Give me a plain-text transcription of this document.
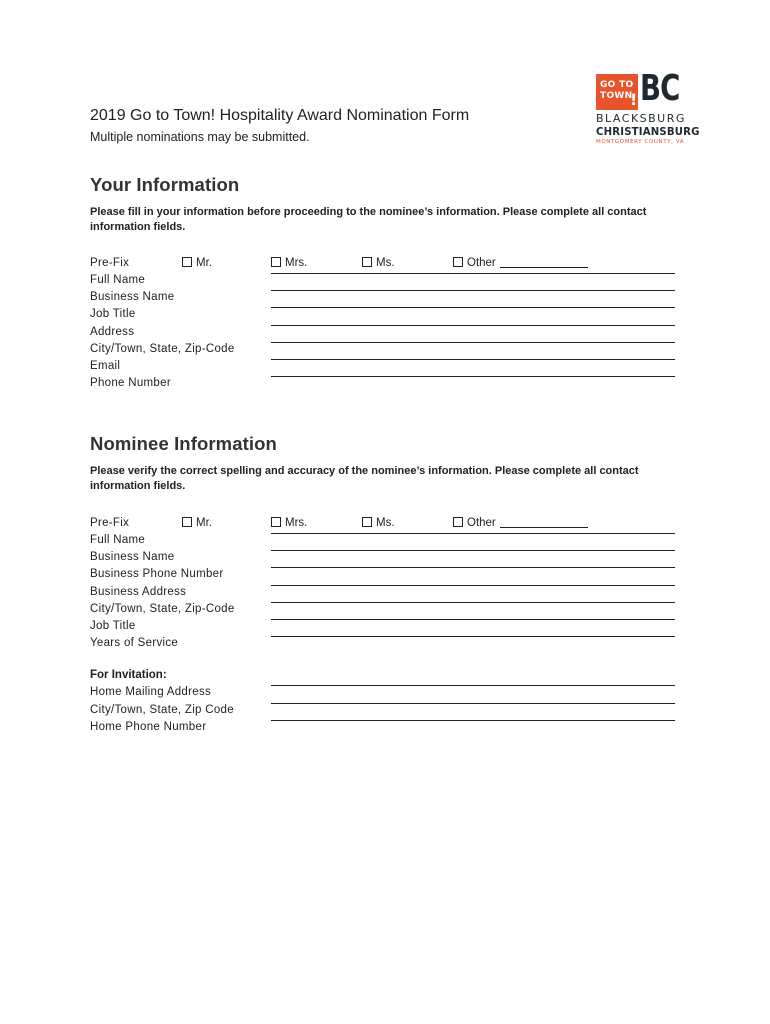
GO TO TOWN
! BC
BLACKSBURG
CHRISTIANSBURG
MONTGOMERY COUNTY, VA
2019 Go to Town! Hospitality Award Nomination Form
Multiple nominations may be submitted.
Your Information
Please fill in your information before proceeding to the nominee’s information. Please complete all contact information fields.
Pre-Fix	Mr.	Mrs.	Ms.	Other
Full Name
Business Name
Job Title
Address
City/Town, State, Zip-Code
Email
Phone Number
Nominee Information
Please verify the correct spelling and accuracy of the nominee’s information. Please complete all contact information fields.
Pre-Fix	Mr.	Mrs.	Ms.	Other
Full Name
Business Name
Business Phone Number
Business Address
City/Town, State, Zip-Code
Job Title
Years of Service
For Invitation:
Home Mailing Address
City/Town, State, Zip Code
Home Phone Number
